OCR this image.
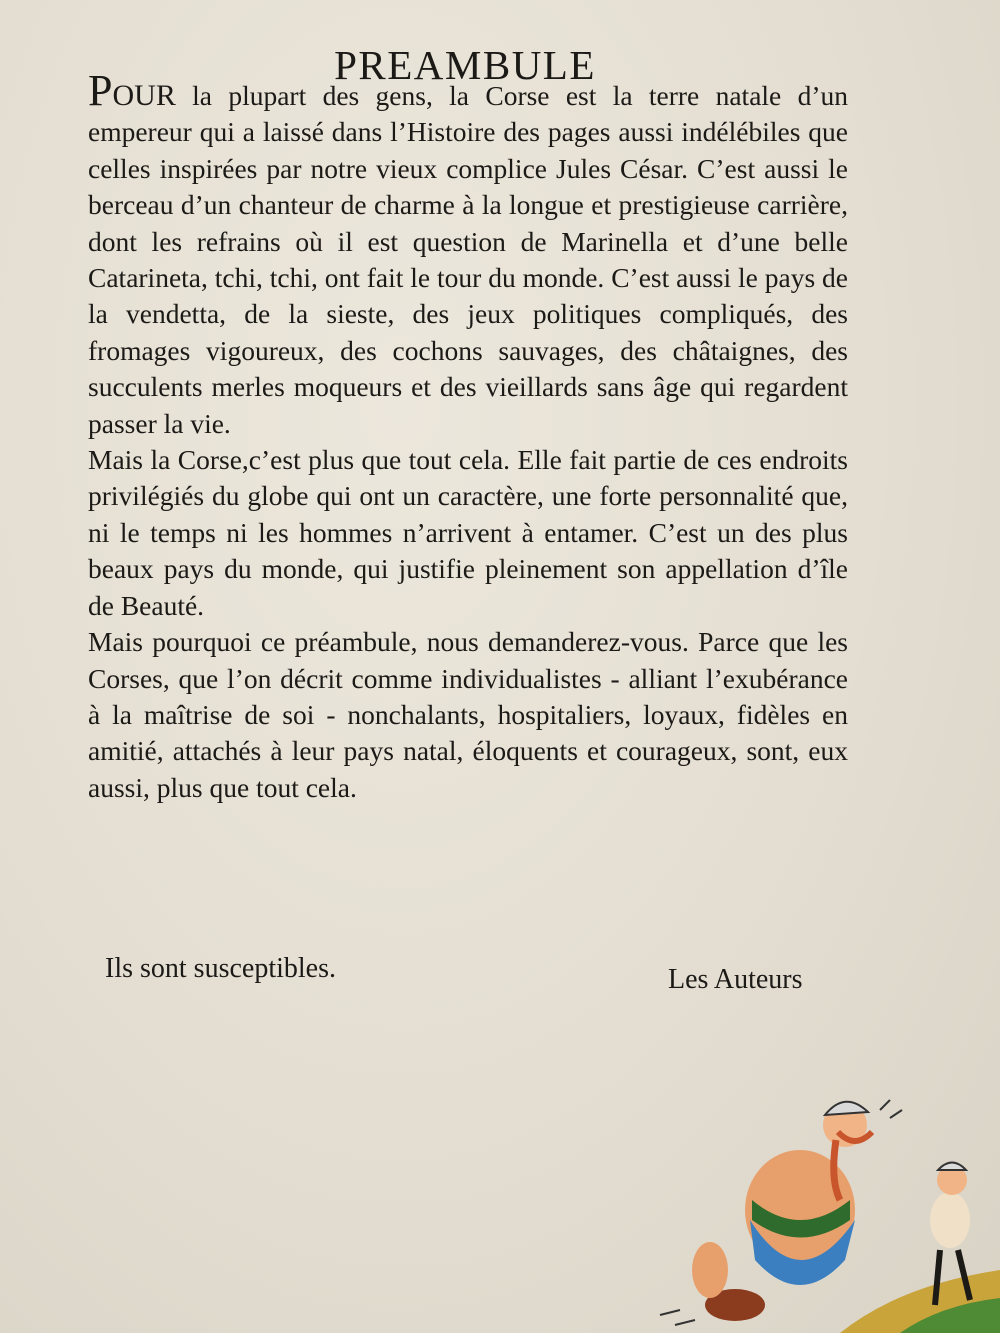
PREAMBULE

POUR la plupart des gens, la Corse est la terre natale d’un empereur qui a laissé dans l’Histoire des pages aussi indélébiles que celles inspirées par notre vieux complice Jules César. C’est aussi le berceau d’un chanteur de charme à la longue et prestigieuse carrière, dont les refrains où il est question de Marinella et d’une belle Catarineta, tchi, tchi, ont fait le tour du monde. C’est aussi le pays de la vendetta, de la sieste, des jeux politiques compliqués, des fromages vigoureux, des cochons sauvages, des châtaignes, des succulents merles moqueurs et des vieillards sans âge qui regardent passer la vie.

Mais la Corse,c’est plus que tout cela. Elle fait partie de ces endroits privilégiés du globe qui ont un caractère, une forte personnalité que, ni le temps ni les hommes n’arrivent à entamer. C’est un des plus beaux pays du monde, qui justifie pleinement son appellation d’île de Beauté.

Mais pourquoi ce préambule, nous demanderez-vous. Parce que les Corses, que l’on décrit comme individualistes - alliant l’exubérance à la maîtrise de soi - nonchalants, hospitaliers, loyaux, fidèles en amitié, attachés à leur pays natal, éloquents et courageux, sont, eux aussi, plus que tout cela.

Ils sont susceptibles.	Les Auteurs
